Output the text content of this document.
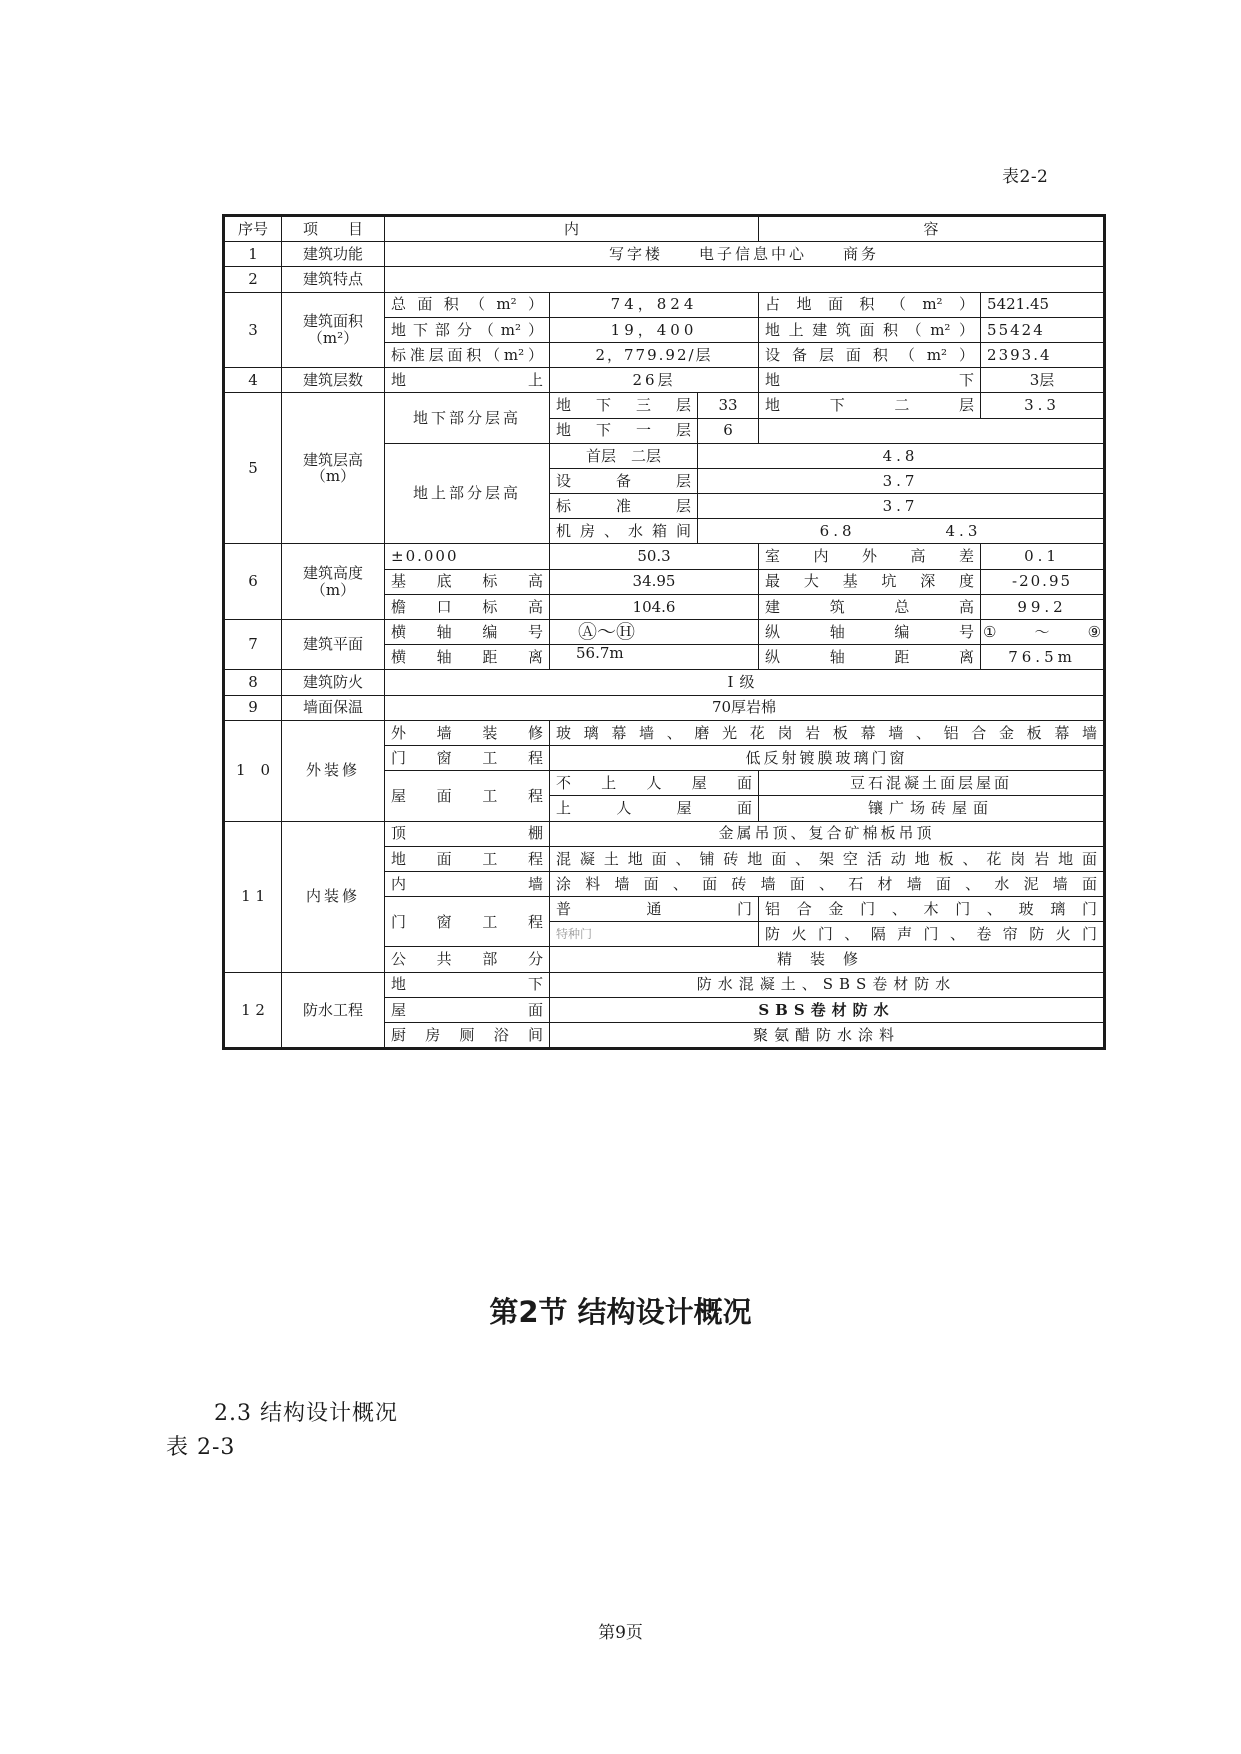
表2-2
序号	项　　目	内			容	
1	建筑功能	写字楼　　电子信息中心　　商务				
2	建筑特点					
3	建筑面积（m²）	总面积（m²）	74，824		占地面积（m²）	5421.45
		地下部分（m²）	19，400		地上建筑面积（m²）	55424
		标准层面积（m²）	2，779.92/层		设备层面积（m²）	2393.4
4	建筑层数	地上	26层		地下	3层
5	建筑层高（m）	地下部分层高	地下三层	33	地下二层	3.3
			地下一层	6		
		地上部分层高	首层　二层	4.8		
			设备层	3.7		
			标准层	3.7		
			机房、水箱间	6.8 4.3		
6	建筑高度（m）	±0.000	50.3		室内外高差	0.1
		基底标高	34.95		最大基坑深度	-20.95
		檐口标高	104.6		建筑总高	99.2
7	建筑平面	横轴编号	Ⓐ～Ⓗ		纵轴编号	① ～ ⑨
		横轴距离	56.7m		纵轴距离	76.5m
8	建筑防火	Ⅰ级				
9	墙面保温	70厚岩棉				
1　0	外装修	外墙装修	玻璃幕墙、磨光花岗岩板幕墙、铝合金板幕墙			
		门窗工程	低反射镀膜玻璃门窗			
		屋面工程	不上人屋面		豆石混凝土面层屋面	
			上人屋面		镶广场砖屋面	
1 1	内装修	顶棚	金属吊顶、复合矿棉板吊顶			
		地面工程	混凝土地面、铺砖地面、架空活动地板、花岗岩地面			
		内墙	涂料墙面、面砖墙面、石材墙面、水泥墙面			
		门窗工程	普通门		铝合金门、木门、玻璃门	
			特种门		防火门、隔声门、卷帘防火门	
		公共部分	精装修			
1 2	防水工程	地下	防水混凝土、SBS卷材防水			
		屋面	SBS卷材防水			
		厨房厕浴间	聚氨醋防水涂料			
第2节 结构设计概况
2.3 结构设计概况
表 2-3
第9页
